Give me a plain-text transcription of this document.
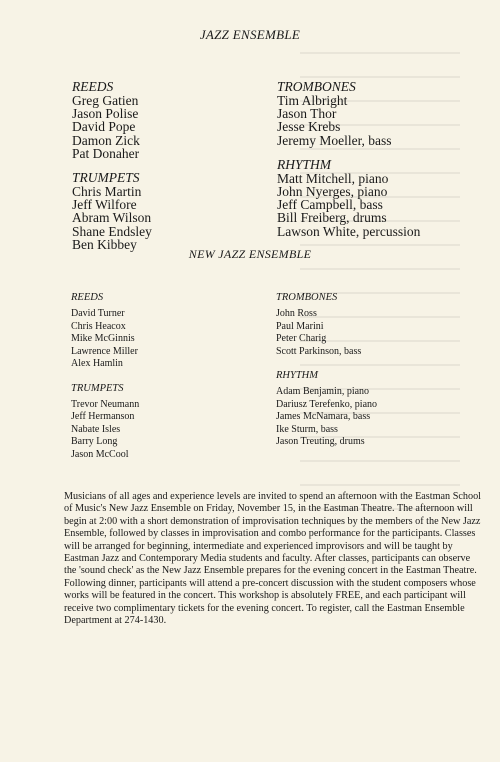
JAZZ ENSEMBLE
REEDS
Greg Gatien
Jason Polise
David Pope
Damon Zick
Pat Donaher
TRUMPETS
Chris Martin
Jeff Wilfore
Abram Wilson
Shane Endsley
Ben Kibbey
TROMBONES
Tim Albright
Jason Thor
Jesse Krebs
Jeremy Moeller, bass
RHYTHM
Matt Mitchell, piano
John Nyerges, piano
Jeff Campbell, bass
Bill Freiberg, drums
Lawson White, percussion
NEW JAZZ ENSEMBLE
REEDS
David Turner
Chris Heacox
Mike McGinnis
Lawrence Miller
Alex Hamlin
TRUMPETS
Trevor Neumann
Jeff Hermanson
Nabate Isles
Barry Long
Jason McCool
TROMBONES
John Ross
Paul Marini
Peter Charig
Scott Parkinson, bass
RHYTHM
Adam Benjamin, piano
Dariusz Terefenko, piano
James McNamara, bass
Ike Sturm, bass
Jason Treuting, drums
Musicians of all ages and experience levels are invited to spend an afternoon with the Eastman School of Music's New Jazz Ensemble on Friday, November 15, in the Eastman Theatre. The afternoon will begin at 2:00 with a short demonstration of improvisation techniques by the members of the New Jazz Ensemble, followed by classes in improvisation and combo performance for the participants. Classes will be arranged for beginning, intermediate and experienced improvisors and will be taught by Eastman Jazz and Contemporary Media students and faculty. After classes, participants can observe the 'sound check' as the New Jazz Ensemble prepares for the evening concert in the Eastman Theatre. Following dinner, participants will attend a pre-concert discussion with the student composers whose works will be featured in the concert. This workshop is absolutely FREE, and each participant will receive two complimentary tickets for the evening concert. To register, call the Eastman Ensemble Department at 274-1430.
